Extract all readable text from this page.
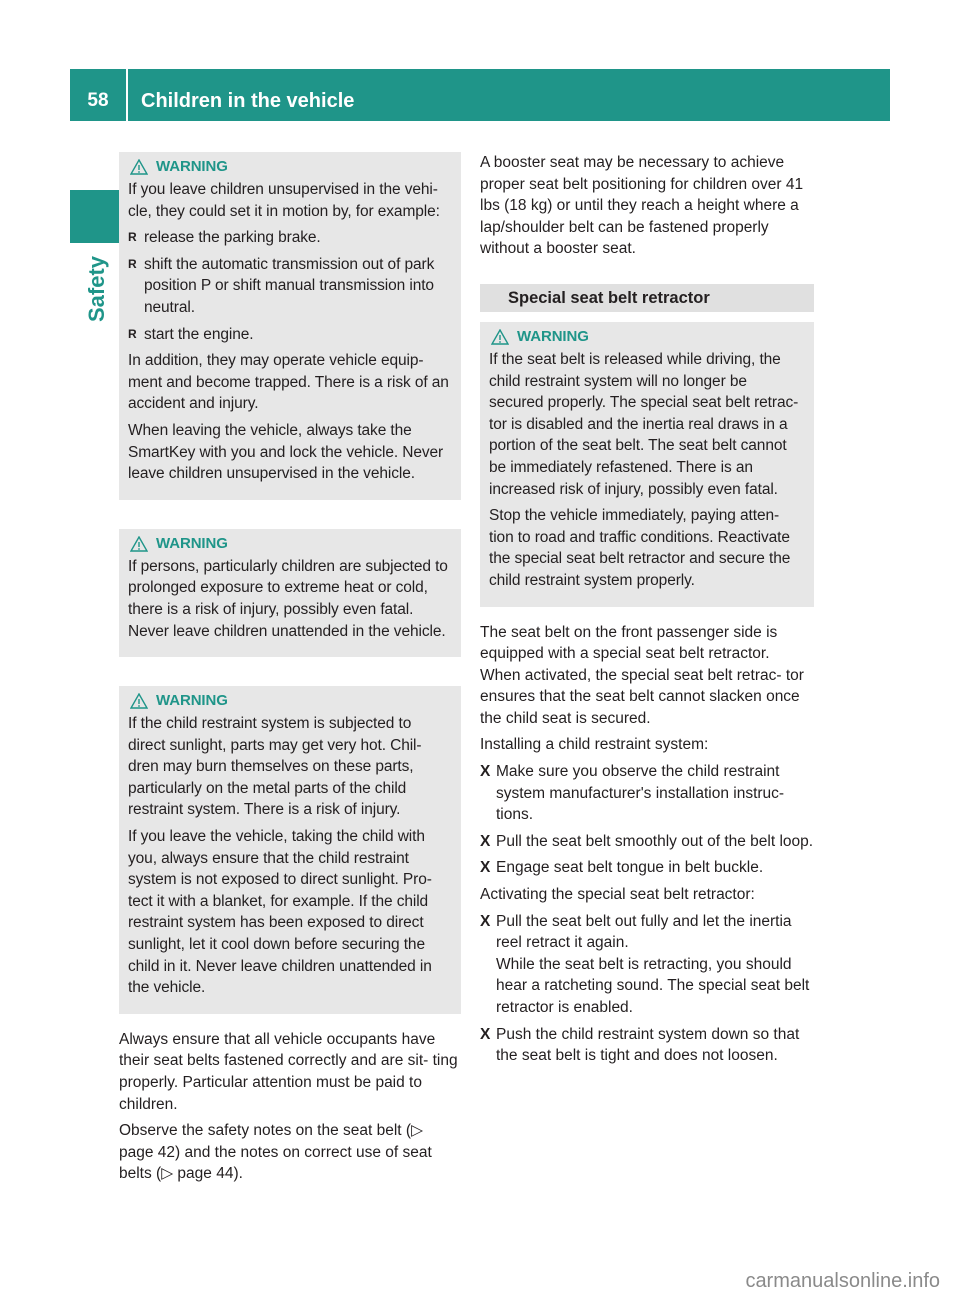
58	Children in the vehicle
Safety
WARNING

If you leave children unsupervised in the vehi- cle, they could set it in motion by, for example:

R release the parking brake.
R shift the automatic transmission out of park position P or shift manual transmission into neutral.
R start the engine.

In addition, they may operate vehicle equip- ment and become trapped. There is a risk of an accident and injury.

When leaving the vehicle, always take the SmartKey with you and lock the vehicle. Never leave children unsupervised in the vehicle.

WARNING

If persons, particularly children are subjected to prolonged exposure to extreme heat or cold, there is a risk of injury, possibly even fatal. Never leave children unattended in the vehicle.

WARNING

If the child restraint system is subjected to direct sunlight, parts may get very hot. Chil- dren may burn themselves on these parts, particularly on the metal parts of the child restraint system. There is a risk of injury.

If you leave the vehicle, taking the child with you, always ensure that the child restraint system is not exposed to direct sunlight. Pro- tect it with a blanket, for example. If the child restraint system has been exposed to direct sunlight, let it cool down before securing the child in it. Never leave children unattended in the vehicle.

Always ensure that all vehicle occupants have their seat belts fastened correctly and are sit- ting properly. Particular attention must be paid to children.

Observe the safety notes on the seat belt (▷ page 42) and the notes on correct use of seat belts (▷ page 44).

A booster seat may be necessary to achieve proper seat belt positioning for children over 41 lbs (18 kg) or until they reach a height where a lap/shoulder belt can be fastened properly without a booster seat.

Special seat belt retractor
WARNING

If the seat belt is released while driving, the child restraint system will no longer be secured properly. The special seat belt retrac- tor is disabled and the inertia real draws in a portion of the seat belt. The seat belt cannot be immediately refastened. There is an increased risk of injury, possibly even fatal.

Stop the vehicle immediately, paying atten- tion to road and traffic conditions. Reactivate the special seat belt retractor and secure the child restraint system properly.

The seat belt on the front passenger side is equipped with a special seat belt retractor. When activated, the special seat belt retrac- tor ensures that the seat belt cannot slacken once the child seat is secured.

Installing a child restraint system:

X Make sure you observe the child restraint system manufacturer's installation instruc- tions.
X Pull the seat belt smoothly out of the belt loop.
X Engage seat belt tongue in belt buckle.

Activating the special seat belt retractor:

X Pull the seat belt out fully and let the inertia reel retract it again.
While the seat belt is retracting, you should hear a ratcheting sound. The special seat belt retractor is enabled.
X Push the child restraint system down so that the seat belt is tight and does not loosen.
carmanualsonline.info
